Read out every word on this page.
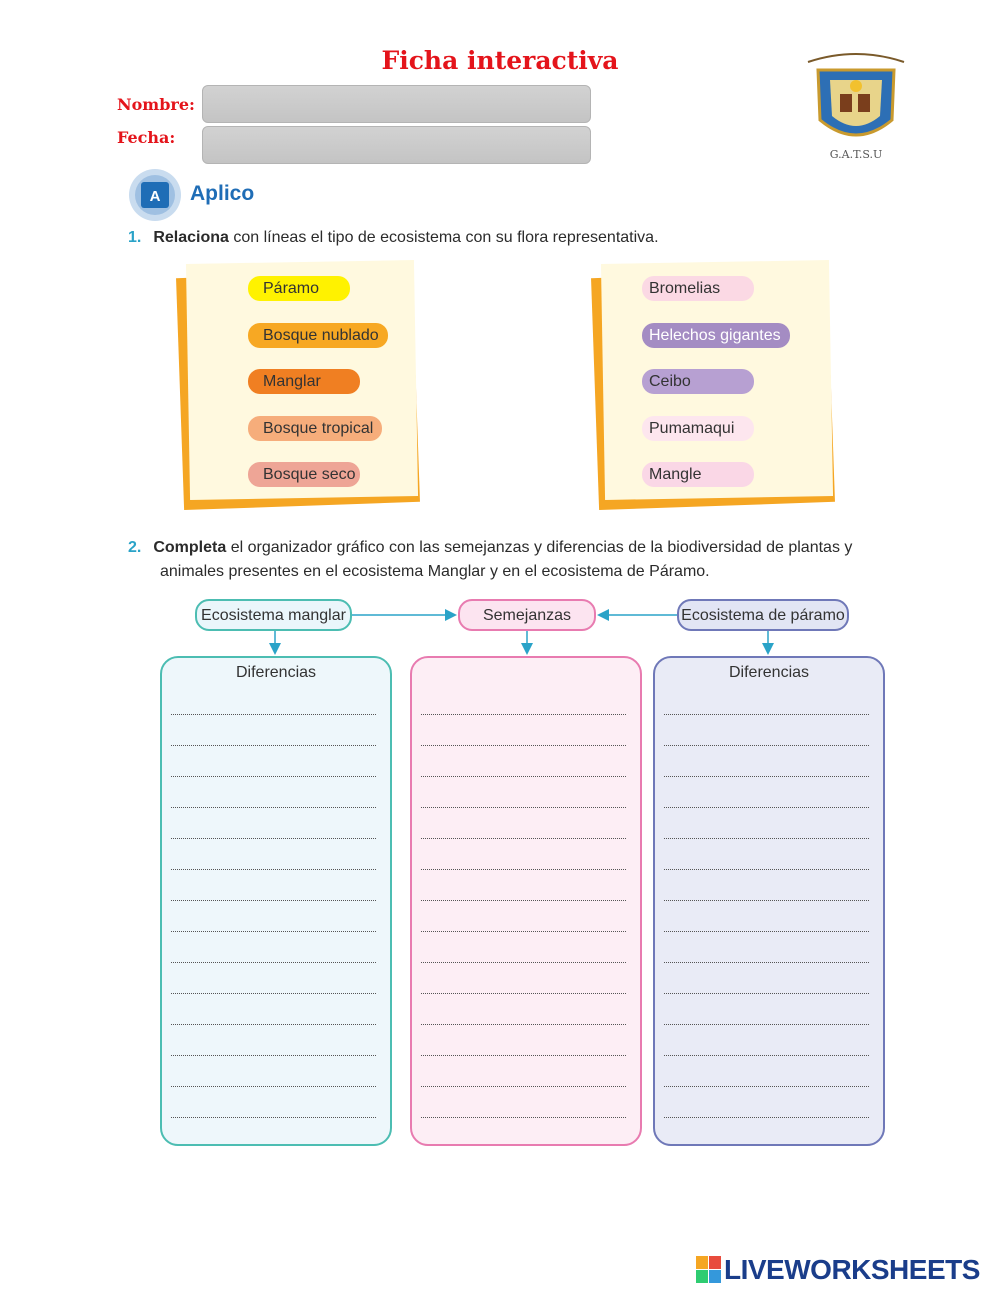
Ficha interactiva
Nombre:
Fecha:
G.A.T.S.U
A Aplico
1. Relaciona con líneas el tipo de ecosistema con su flora representativa.
Páramo
Bosque nublado
Manglar
Bosque tropical
Bosque seco
Bromelias
Helechos gigantes
Ceibo
Pumamaqui
Mangle
2. Completa el organizador gráfico con las semejanzas y diferencias de la biodiversidad de plantas y
animales presentes en el ecosistema Manglar y en el ecosistema de Páramo.
Ecosistema manglar	Semejanzas	Ecosistema de páramo
Diferencias	Diferencias
LIVEWORKSHEETS
